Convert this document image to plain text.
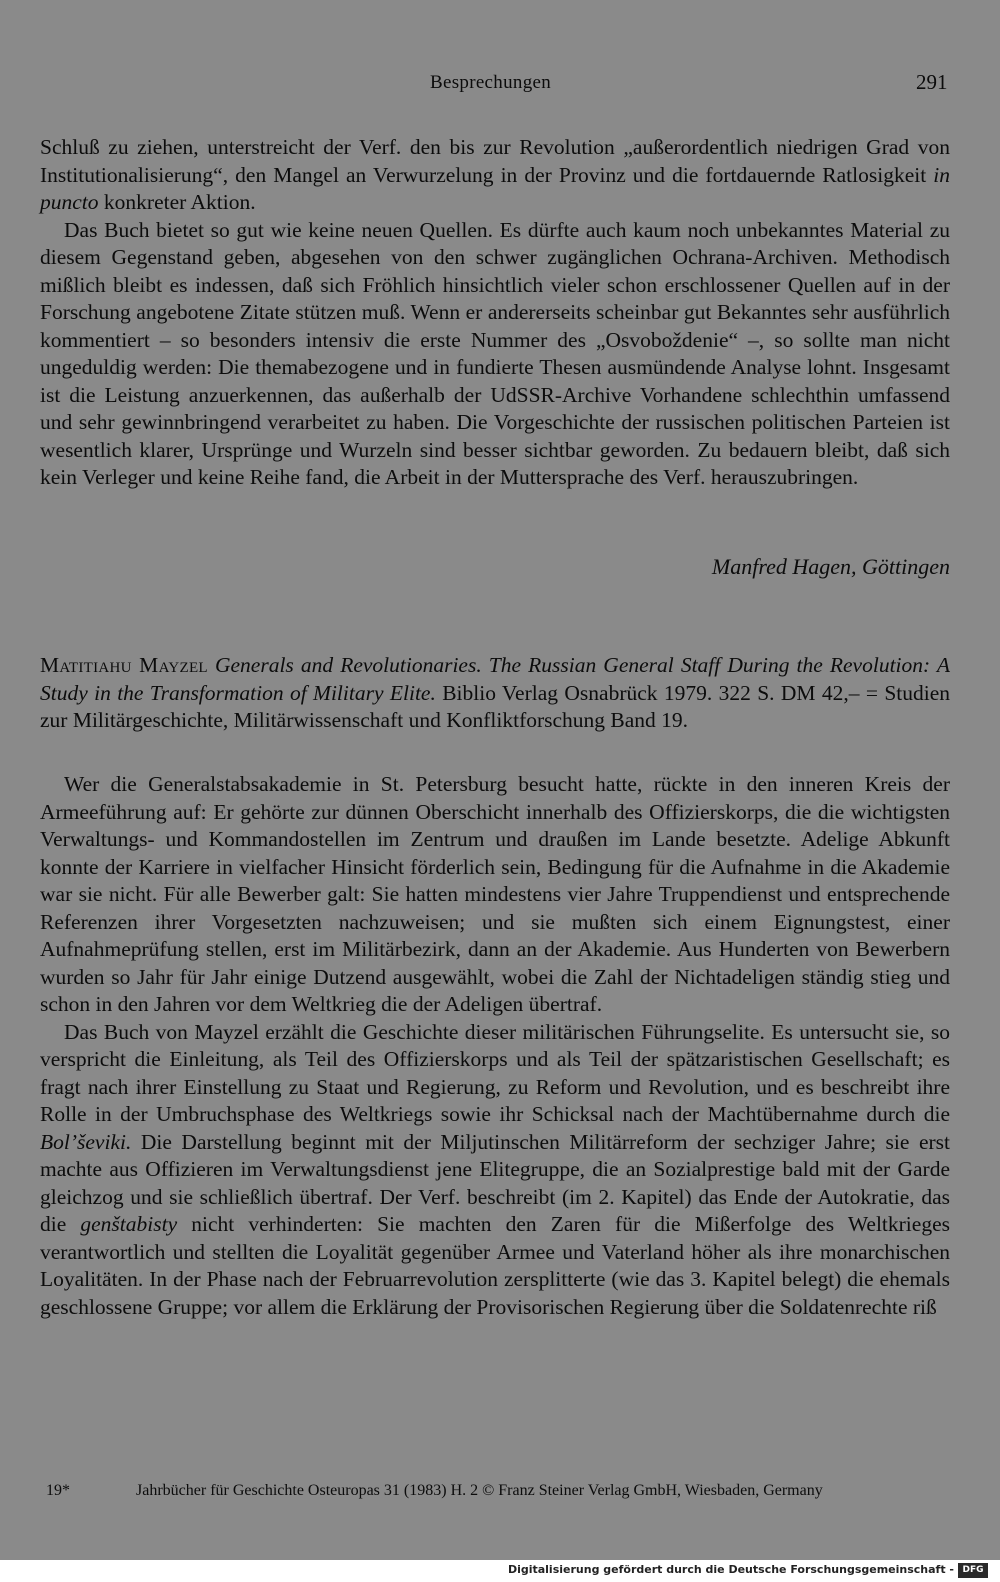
Besprechungen	291

Schluß zu ziehen, unterstreicht der Verf. den bis zur Revolution „außerordentlich niedrigen Grad von Institutionalisierung“, den Mangel an Verwurzelung in der Provinz und die fortdauernde Ratlosigkeit in puncto konkreter Aktion.

Das Buch bietet so gut wie keine neuen Quellen. Es dürfte auch kaum noch unbekanntes Material zu diesem Gegenstand geben, abgesehen von den schwer zugänglichen Ochrana-Archiven. Methodisch mißlich bleibt es indessen, daß sich Fröhlich hinsichtlich vieler schon erschlossener Quellen auf in der Forschung angebotene Zitate stützen muß. Wenn er andererseits scheinbar gut Bekanntes sehr ausführlich kommentiert – so besonders intensiv die erste Nummer des „Osvoboždenie“ –, so sollte man nicht ungeduldig werden: Die themabezogene und in fundierte Thesen ausmündende Analyse lohnt. Insgesamt ist die Leistung anzuerkennen, das außerhalb der UdSSR-Archive Vorhandene schlechthin umfassend und sehr gewinnbringend verarbeitet zu haben. Die Vorgeschichte der russischen politischen Parteien ist wesentlich klarer, Ursprünge und Wurzeln sind besser sichtbar geworden. Zu bedauern bleibt, daß sich kein Verleger und keine Reihe fand, die Arbeit in der Muttersprache des Verf. herauszubringen.

Manfred Hagen, Göttingen

Matitiahu Mayzel Generals and Revolutionaries. The Russian General Staff During the Revolution: A Study in the Transformation of Military Elite. Biblio Verlag Osnabrück 1979. 322 S. DM 42,– = Studien zur Militärgeschichte, Militärwissenschaft und Konfliktforschung Band 19.

Wer die Generalstabsakademie in St. Petersburg besucht hatte, rückte in den inneren Kreis der Armeeführung auf: Er gehörte zur dünnen Oberschicht innerhalb des Offizierskorps, die die wichtigsten Verwaltungs- und Kommandostellen im Zentrum und draußen im Lande besetzte. Adelige Abkunft konnte der Karriere in vielfacher Hinsicht förderlich sein, Bedingung für die Aufnahme in die Akademie war sie nicht. Für alle Bewerber galt: Sie hatten mindestens vier Jahre Truppendienst und entsprechende Referenzen ihrer Vorgesetzten nachzuweisen; und sie mußten sich einem Eignungstest, einer Aufnahmeprüfung stellen, erst im Militärbezirk, dann an der Akademie. Aus Hunderten von Bewerbern wurden so Jahr für Jahr einige Dutzend ausgewählt, wobei die Zahl der Nichtadeligen ständig stieg und schon in den Jahren vor dem Weltkrieg die der Adeligen übertraf.

Das Buch von Mayzel erzählt die Geschichte dieser militärischen Führungselite. Es untersucht sie, so verspricht die Einleitung, als Teil des Offizierskorps und als Teil der spätzaristischen Gesellschaft; es fragt nach ihrer Einstellung zu Staat und Regierung, zu Reform und Revolution, und es beschreibt ihre Rolle in der Umbruchsphase des Weltkriegs sowie ihr Schicksal nach der Machtübernahme durch die Bol’ševiki. Die Darstellung beginnt mit der Miljutinschen Militärreform der sechziger Jahre; sie erst machte aus Offizieren im Verwaltungsdienst jene Elitegruppe, die an Sozialprestige bald mit der Garde gleichzog und sie schließlich übertraf. Der Verf. beschreibt (im 2. Kapitel) das Ende der Autokratie, das die genštabisty nicht verhinderten: Sie machten den Zaren für die Mißerfolge des Weltkrieges verantwortlich und stellten die Loyalität gegenüber Armee und Vaterland höher als ihre monarchischen Loyalitäten. In der Phase nach der Februarrevolution zersplitterte (wie das 3. Kapitel belegt) die ehemals geschlossene Gruppe; vor allem die Erklärung der Provisorischen Regierung über die Soldatenrechte riß

19*	Jahrbücher für Geschichte Osteuropas 31 (1983) H. 2 © Franz Steiner Verlag GmbH, Wiesbaden, Germany
Digitalisierung gefördert durch die Deutsche Forschungsgemeinschaft - DFG
